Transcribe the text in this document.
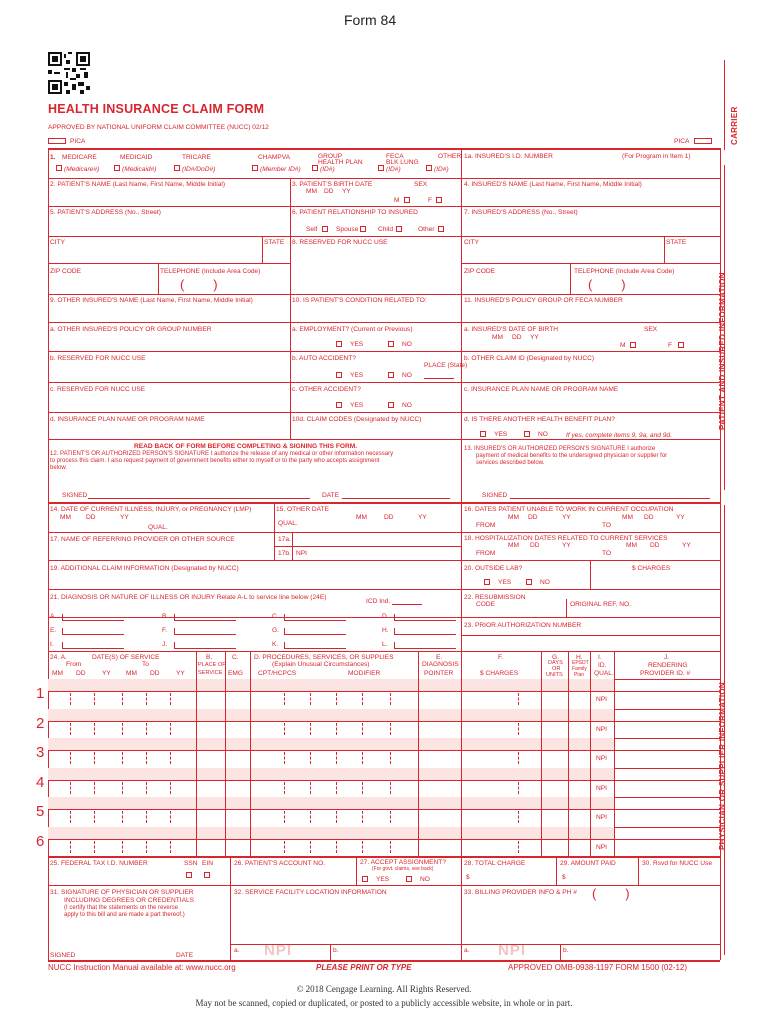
Form 84
HEALTH INSURANCE CLAIM FORM
APPROVED BY NATIONAL UNIFORM CLAIM COMMITTEE (NUCC) 02/12
PICA	PICA	CARRIER
PATIENT AND INSURED INFORMATION
PHYSICIAN OR SUPPLIER INFORMATION
1. MEDICARE
(Medicare#)
MEDICAID
(Medicaid#)
TRICARE
(ID#/DoD#)
CHAMPVA
(Member ID#)
GROUP
HEALTH PLAN
(ID#)
FECA
BLK LUNG
(ID#)
OTHER
(ID#)
1a. INSURED'S I.D. NUMBER	(For Program in Item 1)
2. PATIENT'S NAME (Last Name, First Name, Middle Initial)	3. PATIENT'S BIRTH DATE
MM DD YY
SEX
M	F
4. INSURED'S NAME (Last Name, First Name, Middle Initial)
5. PATIENT'S ADDRESS (No., Street)	6. PATIENT RELATIONSHIP TO INSURED
Self	Spouse	Child	Other
7. INSURED'S ADDRESS (No., Street)
CITY	STATE 8. RESERVED FOR NUCC USE	CITY	STATE
ZIP CODE	TELEPHONE (Include Area Code)
(        )
ZIP CODE	TELEPHONE (Include Area Code)
(        )
9. OTHER INSURED'S NAME (Last Name, First Name, Middle Initial)	10. IS PATIENT'S CONDITION RELATED TO:	11. INSURED'S POLICY GROUP OR FECA NUMBER
a. OTHER INSURED'S POLICY OR GROUP NUMBER	a. EMPLOYMENT? (Current or Previous)
YES	NO
a. INSURED'S DATE OF BIRTH
MM DD YY
SEX
M	F
b. RESERVED FOR NUCC USE	b. AUTO ACCIDENT?
PLACE (State)
YES	NO
b. OTHER CLAIM ID (Designated by NUCC)
c. RESERVED FOR NUCC USE	c. OTHER ACCIDENT?
YES	NO
c. INSURANCE PLAN NAME OR PROGRAM NAME
d. INSURANCE PLAN NAME OR PROGRAM NAME	10d. CLAIM CODES (Designated by NUCC)	d. IS THERE ANOTHER HEALTH BENEFIT PLAN?
YES	NO	If yes, complete items 9, 9a, and 9d.
READ BACK OF FORM BEFORE COMPLETING & SIGNING THIS FORM.
12. PATIENT'S OR AUTHORIZED PERSON'S SIGNATURE I authorize the release of any medical or other information necessary
to process this claim. I also request payment of government benefits either to myself or to the party who accepts assignment
below.
SIGNED	DATE
13. INSURED'S OR AUTHORIZED PERSON'S SIGNATURE I authorize
payment of medical benefits to the undersigned physician or supplier for
services described below.
SIGNED
14. DATE OF CURRENT ILLNESS, INJURY, or PREGNANCY (LMP)
MM DD	YY
QUAL.
15. OTHER DATE
QUAL.
MM	DD	YY
16. DATES PATIENT UNABLE TO WORK IN CURRENT OCCUPATION
MM DD	YY	MM DD	YY
FROM	TO
17. NAME OF REFERRING PROVIDER OR OTHER SOURCE	17a.
17b. NPI
18. HOSPITALIZATION DATES RELATED TO CURRENT SERVICES
MM DD	YY	MM DD	YY
FROM	TO
19. ADDITIONAL CLAIM INFORMATION (Designated by NUCC)	20. OUTSIDE LAB?	$ CHARGES
YES	NO
21. DIAGNOSIS OR NATURE OF ILLNESS OR INJURY Relate A-L to service line below (24E)
ICD Ind.
A.	B.	C.	D.
E.	F.	G.	H.
I.	J.	K.	L.
22. RESUBMISSION
CODE	ORIGINAL REF. NO.
23. PRIOR AUTHORIZATION NUMBER
24. A.	DATE(S) OF SERVICE
From	To
MM DD YY MM DD YY
B.
PLACE OF
SERVICE
C.
EMG
D. PROCEDURES, SERVICES, OR SUPPLIES
(Explain Unusual Circumstances)
CPT/HCPCS	MODIFIER
E.
DIAGNOSIS
POINTER
F.
$ CHARGES
G.
DAYS
OR
UNITS
H.
EPSDT
Family
Plan
I.
ID.
QUAL.
J.
RENDERING
PROVIDER ID. #
1	NPI
2	NPI
3	NPI
4	NPI
5	NPI
6	NPI
25. FEDERAL TAX I.D. NUMBER	SSN EIN	26. PATIENT'S ACCOUNT NO.	27. ACCEPT ASSIGNMENT?
(For govt. claims, see back)
YES	NO
28. TOTAL CHARGE
$
29. AMOUNT PAID
$
30. Rsvd for NUCC Use
31. SIGNATURE OF PHYSICIAN OR SUPPLIER
INCLUDING DEGREES OR CREDENTIALS
(I certify that the statements on the reverse
apply to this bill and are made a part thereof.)
SIGNED	DATE
32. SERVICE FACILITY LOCATION INFORMATION
a. NPI	b.
33. BILLING PROVIDER INFO & PH # (        )
a. NPI	b.
NUCC Instruction Manual available at: www.nucc.org	PLEASE PRINT OR TYPE	APPROVED OMB-0938-1197 FORM 1500 (02-12)
© 2018 Cengage Learning. All Rights Reserved.
May not be scanned, copied or duplicated, or posted to a publicly accessible website, in whole or in part.
